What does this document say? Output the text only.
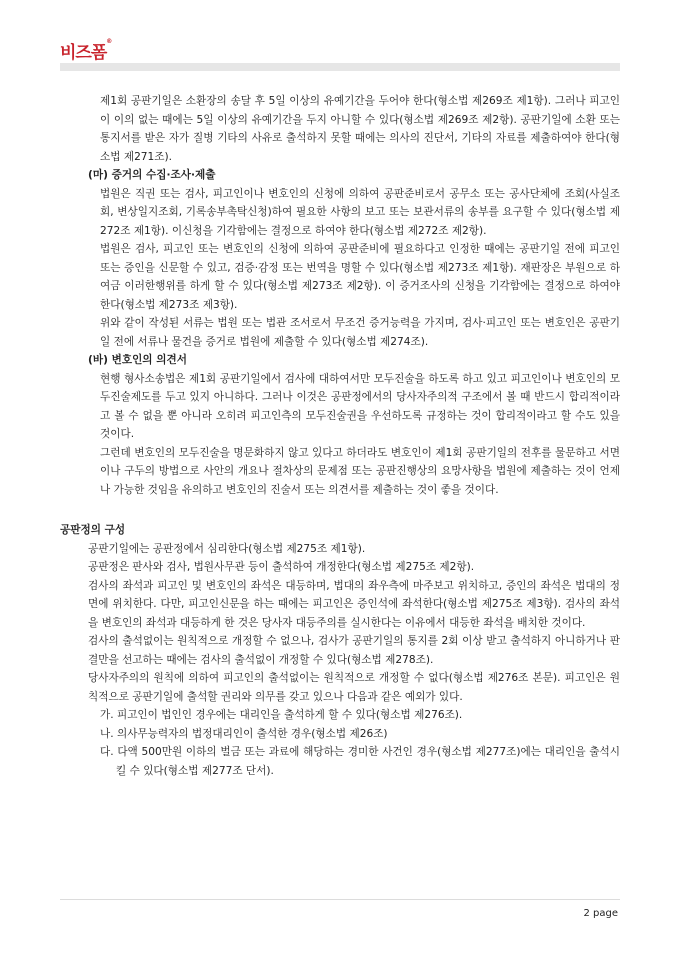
비즈폼®

제1회 공판기일은 소환장의 송달 후 5일 이상의 유예기간을 두어야 한다(형소법 제269조 제1항). 그러나 피고인이 이의 없는 때에는 5일 이상의 유예기간을 두지 아니할 수 있다(형소법 제269조 제2항). 공판기일에 소환 또는 통지서를 받은 자가 질병 기타의 사유로 출석하지 못할 때에는 의사의 진단서, 기타의 자료를 제출하여야 한다(형소법 제271조).

(마) 증거의 수집·조사·제출

법원은 직권 또는 검사, 피고인이나 변호인의 신청에 의하여 공판준비로서 공무소 또는 공사단체에 조회(사실조회, 변상일지조회, 기록송부촉탁신청)하여 필요한 사항의 보고 또는 보관서류의 송부를 요구할 수 있다(형소법 제272조 제1항). 이신청을 기각함에는 결정으로 하여야 한다(형소법 제272조 제2항).

법원은 검사, 피고인 또는 변호인의 신청에 의하여 공판준비에 필요하다고 인정한 때에는 공판기일 전에 피고인 또는 증인을 신문할 수 있고, 검증·감정 또는 번역을 명할 수 있다(형소법 제273조 제1항). 재판장은 부원으로 하여금 이러한행위를 하게 할 수 있다(형소법 제273조 제2항). 이 증거조사의 신청을 기각함에는 결정으로 하여야 한다(형소법 제273조 제3항).

위와 같이 작성된 서류는 법원 또는 법관 조서로서 무조건 증거능력을 가지며, 검사·피고인 또는 변호인은 공판기일 전에 서류나 물건을 증거로 법원에 제출할 수 있다(형소법 제274조).

(바) 변호인의 의견서

현행 형사소송법은 제1회 공판기일에서 검사에 대하여서만 모두진술을 하도록 하고 있고 피고인이나 변호인의 모두진술제도를 두고 있지 아니하다. 그러나 이것은 공판정에서의 당사자주의적 구조에서 볼 때 반드시 합리적이라고 볼 수 없을 뿐 아니라 오히려 피고인측의 모두진술권을 우선하도록 규정하는 것이 합리적이라고 할 수도 있을 것이다.

그런데 변호인의 모두진술을 명문화하지 않고 있다고 하더라도 변호인이 제1회 공판기일의 전후를 물문하고 서면이나 구두의 방법으로 사안의 개요나 절차상의 문제점 또는 공판진행상의 요망사항을 법원에 제출하는 것이 언제나 가능한 것임을 유의하고 변호인의 진술서 또는 의견서를 제출하는 것이 좋을 것이다.

공판정의 구성

공판기일에는 공판정에서 심리한다(형소법 제275조 제1항).

공판정은 판사와 검사, 법원사무관 등이 출석하여 개정한다(형소법 제275조 제2항).

검사의 좌석과 피고인 및 변호인의 좌석은 대등하며, 법대의 좌우측에 마주보고 위치하고, 증인의 좌석은 법대의 정면에 위치한다. 다만, 피고인신문을 하는 때에는 피고인은 증인석에 좌석한다(형소법 제275조 제3항). 검사의 좌석을 변호인의 좌석과 대등하게 한 것은 당사자 대등주의를 실시한다는 이유에서 대등한 좌석을 배치한 것이다.

검사의 출석없이는 원칙적으로 개정할 수 없으나, 검사가 공판기일의 통지를 2회 이상 받고 출석하지 아니하거나 판결만을 선고하는 때에는 검사의 출석없이 개정할 수 있다(형소법 제278조).

당사자주의의 원칙에 의하여 피고인의 출석없이는 원칙적으로 개정할 수 없다(형소법 제276조 본문). 피고인은 원칙적으로 공판기일에 출석할 권리와 의무를 갖고 있으나 다음과 같은 예외가 있다.

가. 피고인이 법인인 경우에는 대리인을 출석하게 할 수 있다(형소법 제276조).

나. 의사무능력자의 법정대리인이 출석한 경우(형소법 제26조)

다. 다액 500만원 이하의 벌금 또는 과료에 해당하는 경미한 사건인 경우(형소법 제277조)에는 대리인을 출석시킬 수 있다(형소법 제277조 단서).

2 page
